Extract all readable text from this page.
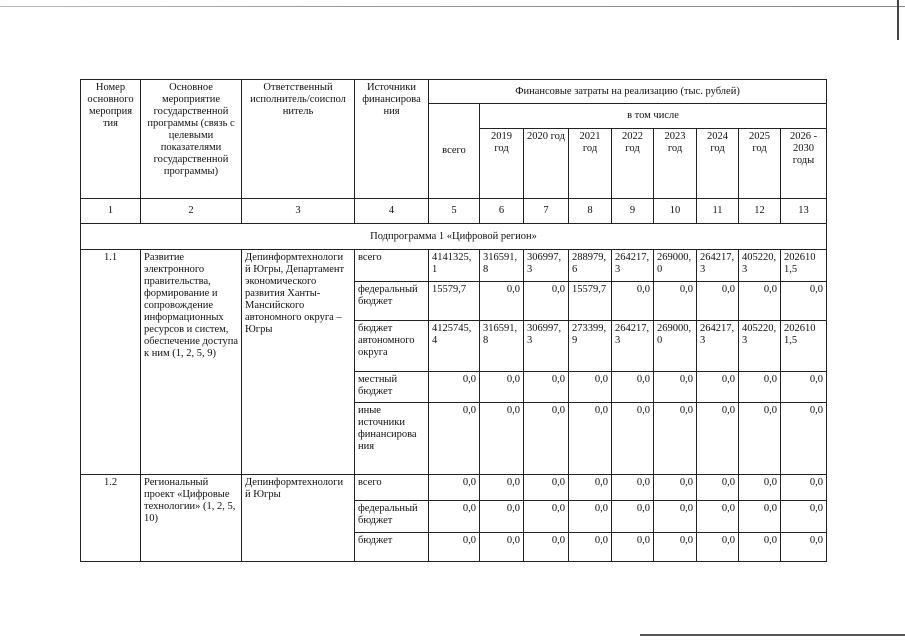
Номер основного мероприя тия	Основное мероприятие государственной программы (связь с целевыми показателями государственной программы)	Ответственный исполнитель/соиспол нитель	Источники финансирова ния	Финансовые затраты на реализацию (тыс. рублей)								
				всего	в том числе							
					2019 год	2020 год	2021 год	2022 год	2023 год	2024 год	2025 год	2026 - 2030 годы
1	2	3	4	5	6	7	8	9	10	11	12	13
Подпрограмма 1 «Цифровой регион»												
1.1	Развитие электронного правительства, формирование и сопровождение информационных ресурсов и систем, обеспечение доступа к ним (1, 2, 5, 9)	Депинформтехнологи й Югры, Департамент экономического развития Ханты-Мансийского автономного округа – Югры	всего	4141325,1	316591,8	306997,3	288979,6	264217,3	269000,0	264217,3	405220,3	2026101,5
			федеральный бюджет	15579,7	0,0	0,0	15579,7	0,0	0,0	0,0	0,0	0,0
			бюджет автономного округа	4125745,4	316591,8	306997,3	273399,9	264217,3	269000,0	264217,3	405220,3	2026101,5
			местный бюджет	0,0	0,0	0,0	0,0	0,0	0,0	0,0	0,0	0,0
			иные источники финансирова ния	0,0	0,0	0,0	0,0	0,0	0,0	0,0	0,0	0,0
1.2	Региональный проект «Цифровые технологии» (1, 2, 5, 10)	Депинформтехнологи й Югры	всего	0,0	0,0	0,0	0,0	0,0	0,0	0,0	0,0	0,0
			федеральный бюджет	0,0	0,0	0,0	0,0	0,0	0,0	0,0	0,0	0,0
			бюджет	0,0	0,0	0,0	0,0	0,0	0,0	0,0	0,0	0,0
